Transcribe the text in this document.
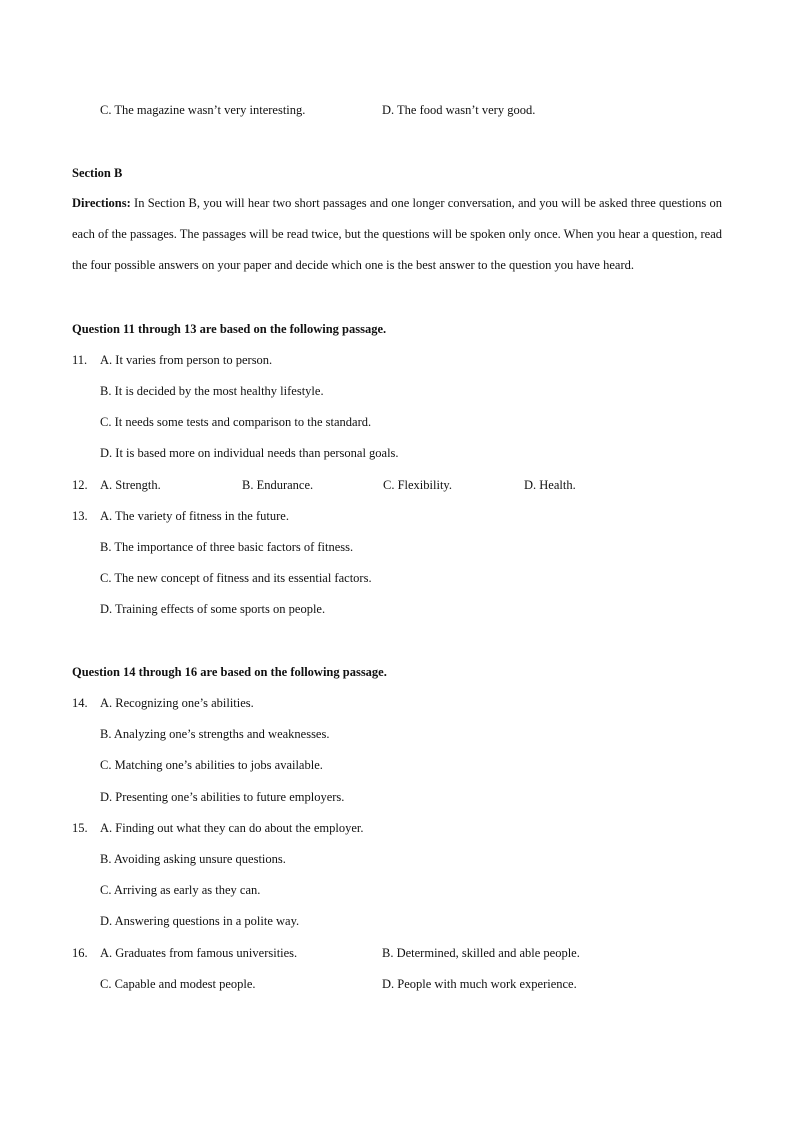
C. The magazine wasn’t very interesting.	D. The food wasn’t very good.
Section B
Directions: In Section B, you will hear two short passages and one longer conversation, and you will be asked three questions on each of the passages. The passages will be read twice, but the questions will be spoken only once. When you hear a question, read the four possible answers on your paper and decide which one is the best answer to the question you have heard.
Question 11 through 13 are based on the following passage.
11. A. It varies from person to person.
B. It is decided by the most healthy lifestyle.
C. It needs some tests and comparison to the standard.
D. It is based more on individual needs than personal goals.
12. A. Strength.	B. Endurance.	C. Flexibility.	D. Health.
13. A. The variety of fitness in the future.
B. The importance of three basic factors of fitness.
C. The new concept of fitness and its essential factors.
D. Training effects of some sports on people.
Question 14 through 16 are based on the following passage.
14. A. Recognizing one’s abilities.
B. Analyzing one’s strengths and weaknesses.
C. Matching one’s abilities to jobs available.
D. Presenting one’s abilities to future employers.
15. A. Finding out what they can do about the employer.
B. Avoiding asking unsure questions.
C. Arriving as early as they can.
D. Answering questions in a polite way.
16. A. Graduates from famous universities.	B. Determined, skilled and able people.
C. Capable and modest people.	D. People with much work experience.
